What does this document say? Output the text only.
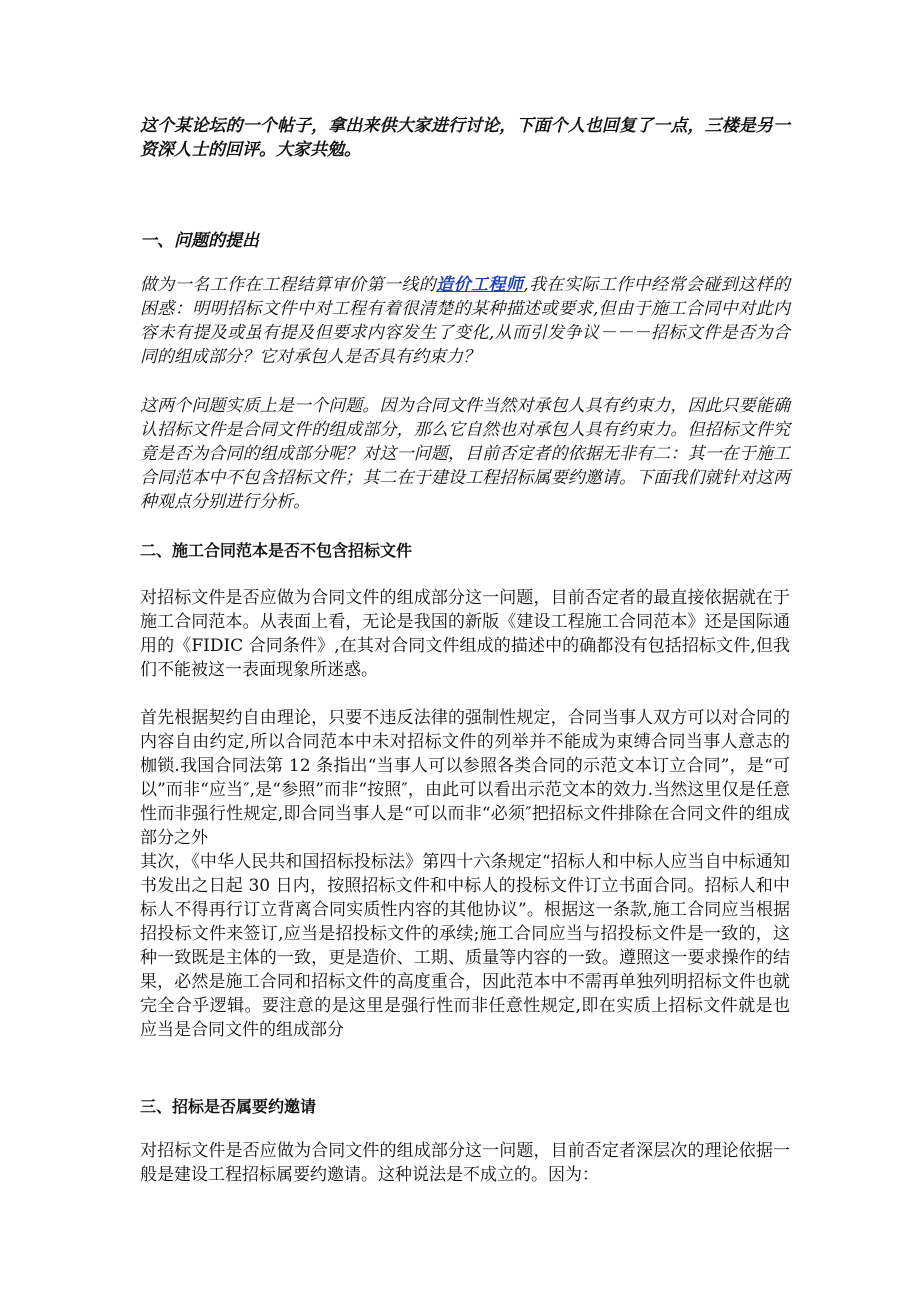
这个某论坛的一个帖子，拿出来供大家进行讨论，下面个人也回复了一点，三楼是另一资深人士的回评。大家共勉。

一、问题的提出

做为一名工作在工程结算审价第一线的造价工程师,我在实际工作中经常会碰到这样的困惑：明明招标文件中对工程有着很清楚的某种描述或要求,但由于施工合同中对此内容未有提及或虽有提及但要求内容发生了变化,从而引发争议－－－招标文件是否为合同的组成部分？它对承包人是否具有约束力？

这两个问题实质上是一个问题。因为合同文件当然对承包人具有约束力，因此只要能确认招标文件是合同文件的组成部分，那么它自然也对承包人具有约束力。但招标文件究竟是否为合同的组成部分呢？对这一问题，目前否定者的依据无非有二：其一在于施工合同范本中不包含招标文件；其二在于建设工程招标属要约邀请。下面我们就针对这两种观点分别进行分析。

二、施工合同范本是否不包含招标文件

对招标文件是否应做为合同文件的组成部分这一问题，目前否定者的最直接依据就在于施工合同范本。从表面上看，无论是我国的新版《建设工程施工合同范本》还是国际通用的《FIDIC 合同条件》,在其对合同文件组成的描述中的确都没有包括招标文件,但我们不能被这一表面现象所迷惑。

首先根据契约自由理论，只要不违反法律的强制性规定，合同当事人双方可以对合同的内容自由约定,所以合同范本中未对招标文件的列举并不能成为束缚合同当事人意志的枷锁.我国合同法第 12 条指出“当事人可以参照各类合同的示范文本订立合同”，是“可以”而非“应当″,是“参照”而非“按照″，由此可以看出示范文本的效力.当然这里仅是任意性而非强行性规定,即合同当事人是“可以而非“必须″把招标文件排除在合同文件的组成部分之外

其次，《中华人民共和国招标投标法》第四十六条规定“招标人和中标人应当自中标通知书发出之日起 30 日内，按照招标文件和中标人的投标文件订立书面合同。招标人和中标人不得再行订立背离合同实质性内容的其他协议”。根据这一条款,施工合同应当根据招投标文件来签订,应当是招投标文件的承续;施工合同应当与招投标文件是一致的，这种一致既是主体的一致，更是造价、工期、质量等内容的一致。遵照这一要求操作的结果，必然是施工合同和招标文件的高度重合，因此范本中不需再单独列明招标文件也就完全合乎逻辑。要注意的是这里是强行性而非任意性规定,即在实质上招标文件就是也应当是合同文件的组成部分

三、招标是否属要约邀请

对招标文件是否应做为合同文件的组成部分这一问题，目前否定者深层次的理论依据一般是建设工程招标属要约邀请。这种说法是不成立的。因为：
